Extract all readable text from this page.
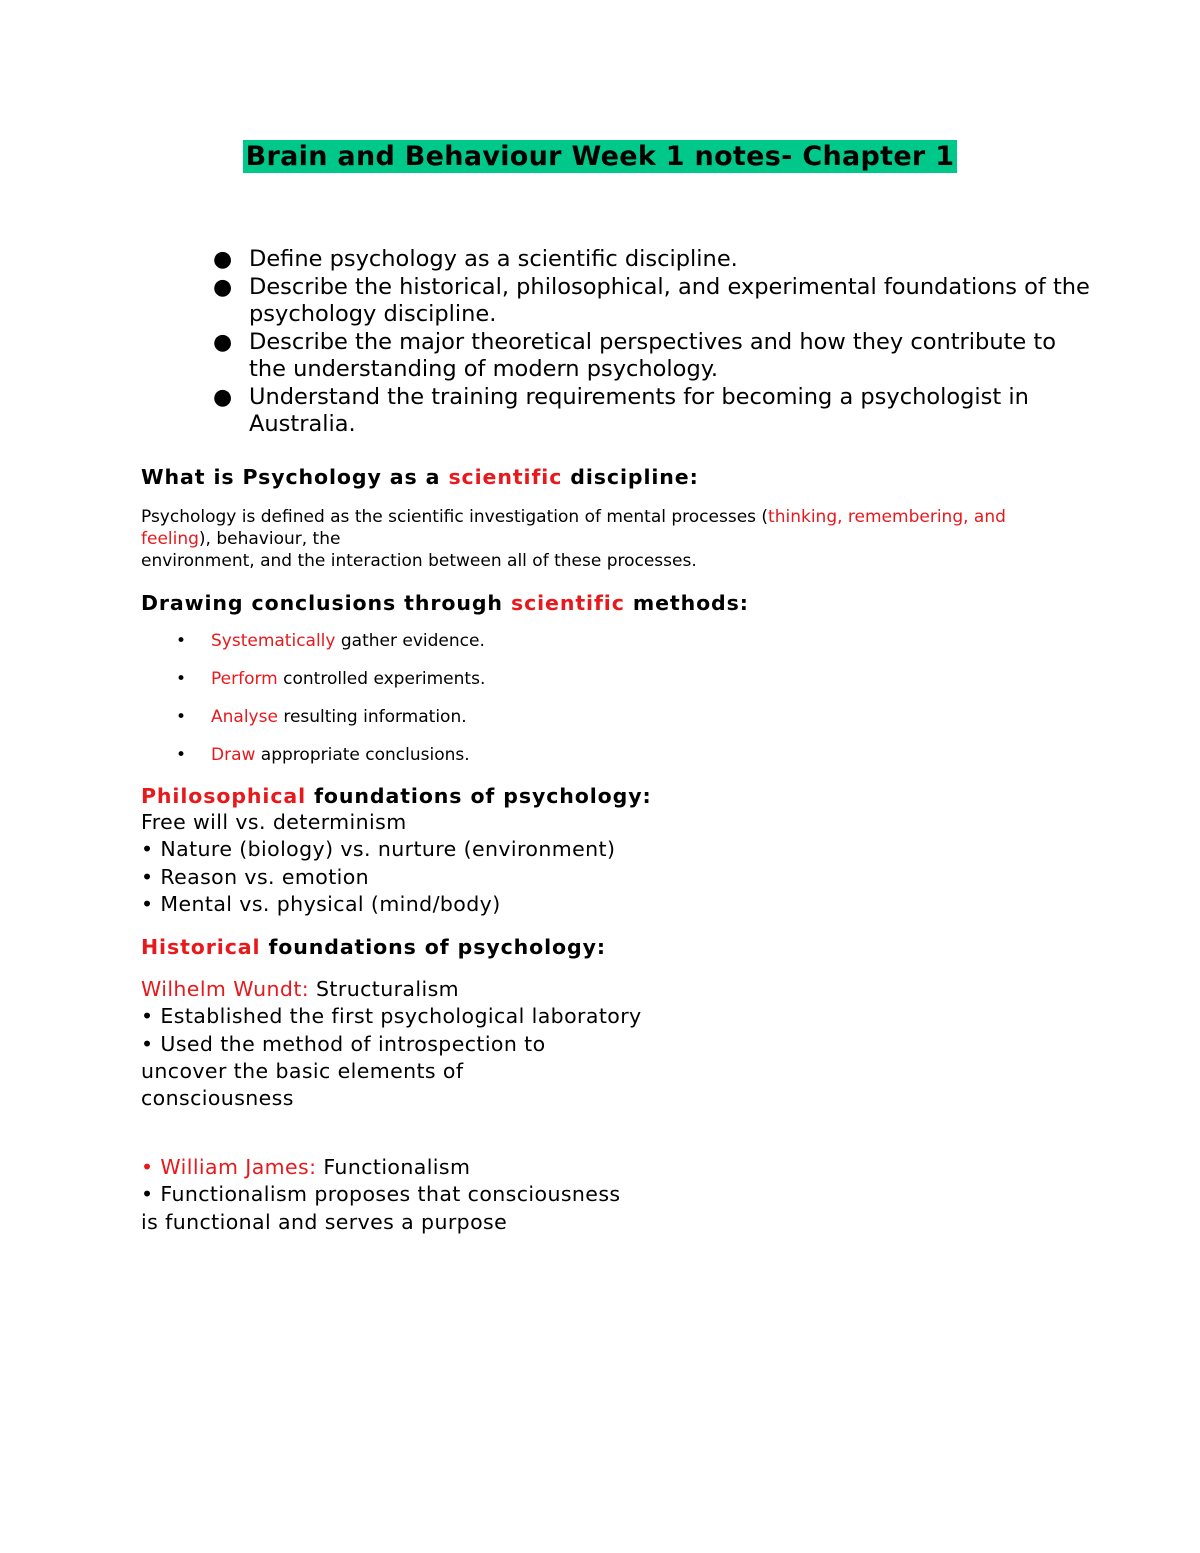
Brain and Behaviour Week 1 notes- Chapter 1
● Define psychology as a scientific discipline.
● Describe the historical, philosophical, and experimental foundations of the psychology discipline.
● Describe the major theoretical perspectives and how they contribute to the understanding of modern psychology.
● Understand the training requirements for becoming a psychologist in Australia.
What is Psychology as a scientific discipline:
Psychology is defined as the scientific investigation of mental processes (thinking, remembering, and feeling), behaviour, the
environment, and the interaction between all of these processes.
Drawing conclusions through scientific methods:
• Systematically gather evidence.
• Perform controlled experiments.
• Analyse resulting information.
• Draw appropriate conclusions.
Philosophical foundations of psychology:
Free will vs. determinism
• Nature (biology) vs. nurture (environment)
• Reason vs. emotion
• Mental vs. physical (mind/body)
Historical foundations of psychology:
Wilhelm Wundt: Structuralism
• Established the first psychological laboratory
• Used the method of introspection to
uncover the basic elements of
consciousness
• William James: Functionalism
• Functionalism proposes that consciousness
is functional and serves a purpose
